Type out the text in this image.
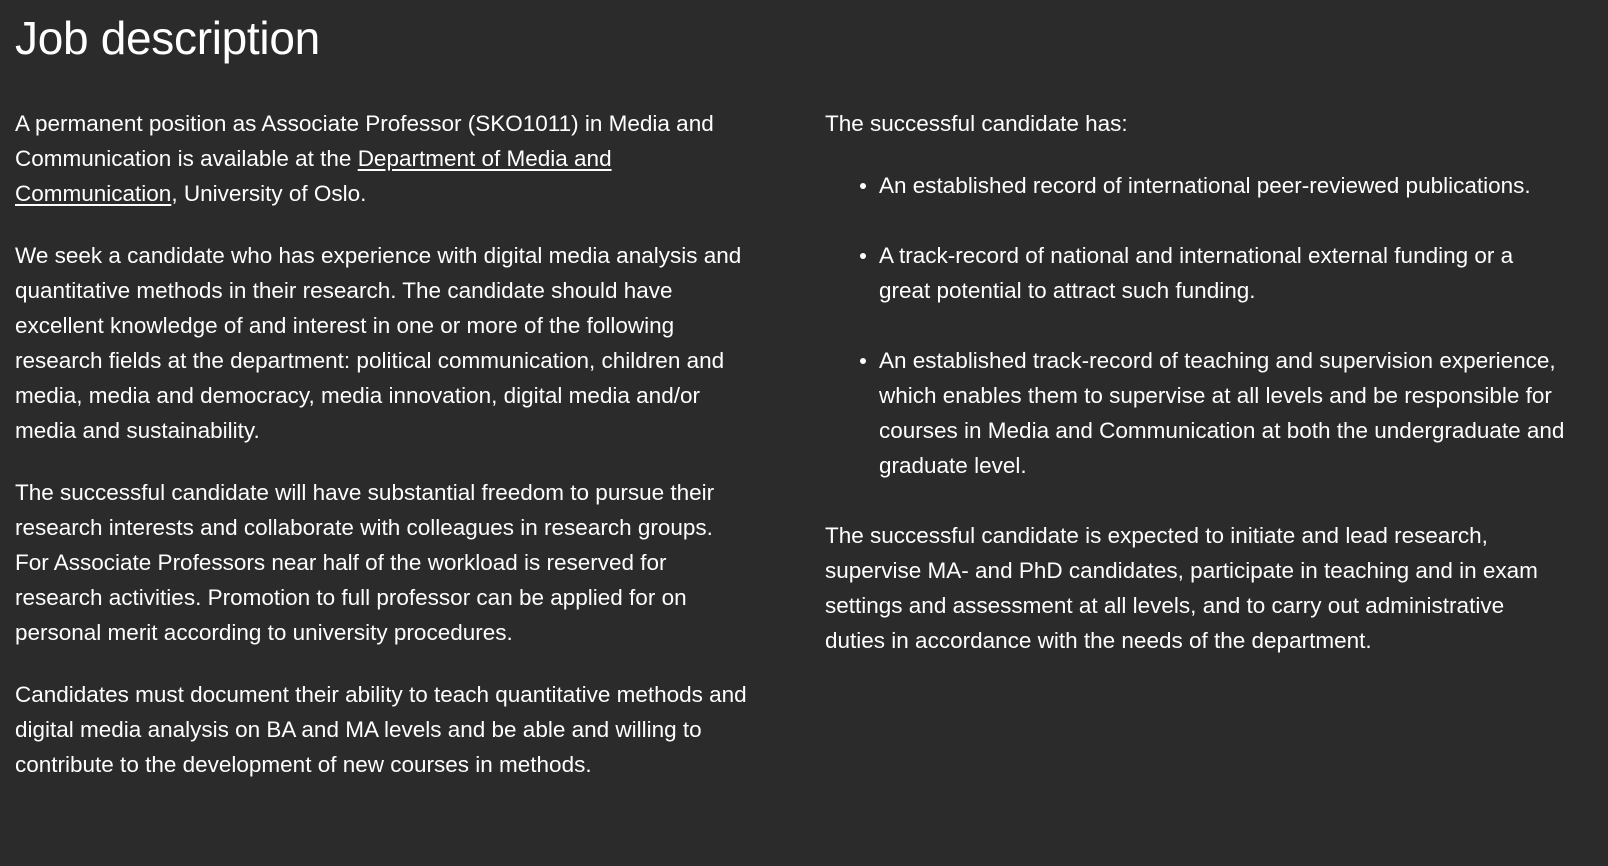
Job description

A permanent position as Associate Professor (SKO1011) in Media and Communication is available at the Department of Media and Communication, University of Oslo.

We seek a candidate who has experience with digital media analysis and quantitative methods in their research. The candidate should have excellent knowledge of and interest in one or more of the following research fields at the department: political communication, children and media, media and democracy, media innovation, digital media and/or media and sustainability.

The successful candidate will have substantial freedom to pursue their research interests and collaborate with colleagues in research groups. For Associate Professors near half of the workload is reserved for research activities. Promotion to full professor can be applied for on personal merit according to university procedures.

Candidates must document their ability to teach quantitative methods and digital media analysis on BA and MA levels and be able and willing to contribute to the development of new courses in methods.

The successful candidate has:

An established record of international peer-reviewed publications.
A track-record of national and international external funding or a great potential to attract such funding.
An established track-record of teaching and supervision experience, which enables them to supervise at all levels and be responsible for courses in Media and Communication at both the undergraduate and graduate level.

The successful candidate is expected to initiate and lead research, supervise MA- and PhD candidates, participate in teaching and in exam settings and assessment at all levels, and to carry out administrative duties in accordance with the needs of the department.
